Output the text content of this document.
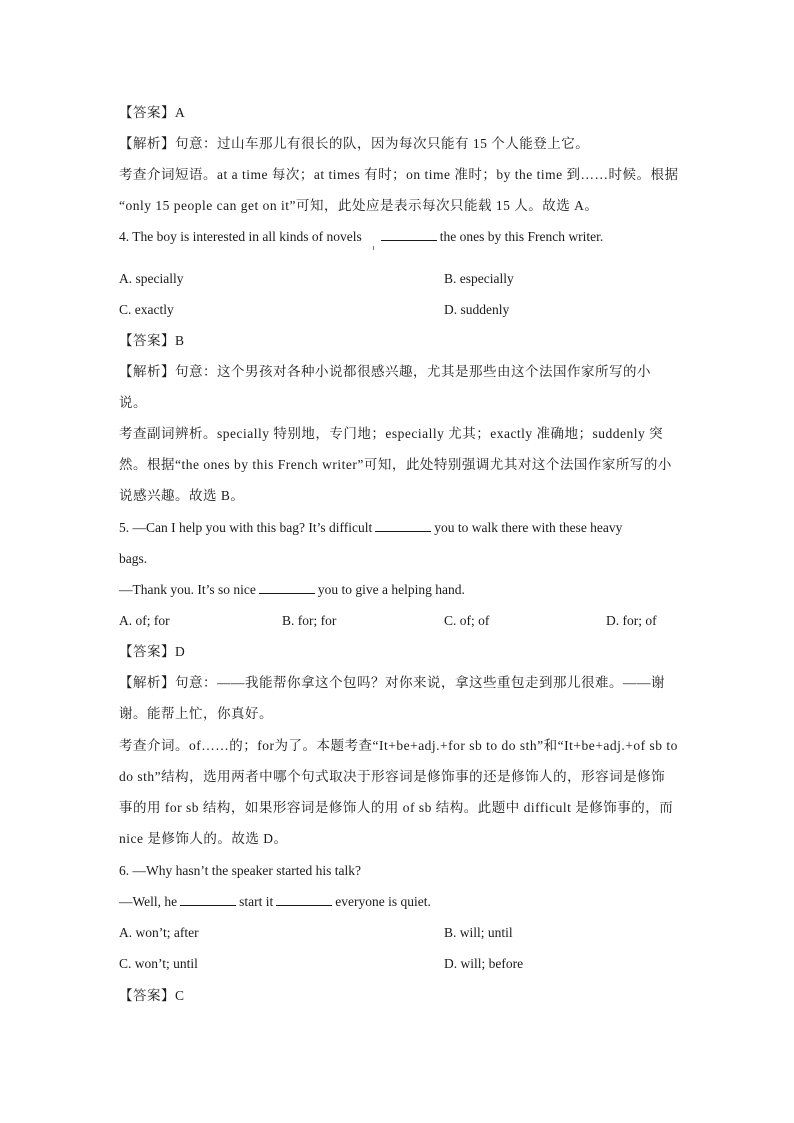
【答案】A
【解析】句意：过山车那儿有很长的队，因为每次只能有 15 个人能登上它。
考查介词短语。at a time 每次；at times 有时；on time 准时；by the time 到……时候。根据
“only 15 people can get on it”可知，此处应是表示每次只能载 15 人。故选 A。
4. The boy is interested in all kinds of novels	the ones by this French writer.
A. specially	B. especially
C. exactly	D. suddenly
【答案】B
【解析】句意：这个男孩对各种小说都很感兴趣，尤其是那些由这个法国作家所写的小
说。
考查副词辨析。specially 特别地，专门地；especially 尤其；exactly 准确地；suddenly 突
然。根据“the ones by this French writer”可知，此处特别强调尤其对这个法国作家所写的小
说感兴趣。故选 B。
5. —Can I help you with this bag? It’s difficult	you to walk there with these heavy
bags.
—Thank you. It’s so nice	you to give a helping hand.
A. of; for	B. for; for	C. of; of	D. for; of
【答案】D
【解析】句意：——我能帮你拿这个包吗？对你来说，拿这些重包走到那儿很难。——谢
谢。能帮上忙，你真好。
考查介词。of……的；for为了。本题考查“It+be+adj.+for sb to do sth”和“It+be+adj.+of sb to
do sth”结构，选用两者中哪个句式取决于形容词是修饰事的还是修饰人的，形容词是修饰
事的用 for sb 结构，如果形容词是修饰人的用 of sb 结构。此题中 difficult 是修饰事的，而
nice 是修饰人的。故选 D。
6. —Why hasn’t the speaker started his talk?
—Well, he	start it	everyone is quiet.
A. won’t; after	B. will; until
C. won’t; until	D. will; before
【答案】C
